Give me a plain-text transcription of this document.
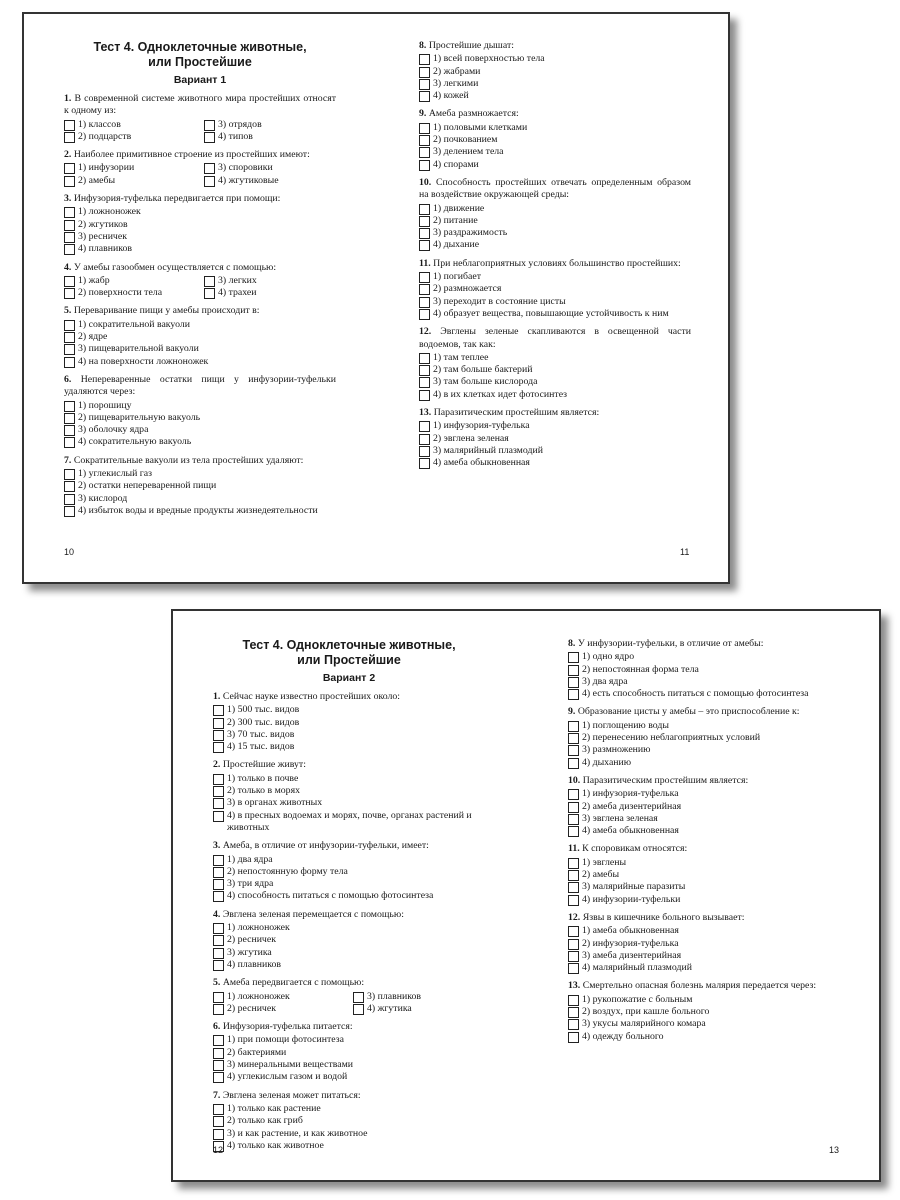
Тест 4. Одноклеточные животные,
или Простейшие
Вариант 1

1. В современной системе животного мира простейших относят к одному из:

1) классов	3) отрядов
2) подцарств	4) типов

2. Наиболее примитивное строение из простейших имеют:

1) инфузории	3) споровики
2) амебы	4) жгутиковые

3. Инфузория-туфелька передвигается при помощи:

1) ложноножек
2) жгутиков
3) ресничек
4) плавников

4. У амебы газообмен осуществляется с помощью:

1) жабр	3) легких
2) поверхности тела	4) трахеи

5. Переваривание пищи у амебы происходит в:

1) сократительной вакуоли
2) ядре
3) пищеварительной вакуоли
4) на поверхности ложноножек

6. Непереваренные остатки пищи у инфузории-туфельки удаляются через:

1) порошицу
2) пищеварительную вакуоль
3) оболочку ядра
4) сократительную вакуоль

7. Сократительные вакуоли из тела простейших удаляют:

1) углекислый газ
2) остатки непереваренной пищи
3) кислород
4) избыток воды и вредные продукты жизнедеятельности
10

8. Простейшие дышат:

1) всей поверхностью тела
2) жабрами
3) легкими
4) кожей

9. Амеба размножается:

1) половыми клетками
2) почкованием
3) делением тела
4) спорами

10. Способность простейших отвечать определенным образом на воздействие окружающей среды:

1) движение
2) питание
3) раздражимость
4) дыхание

11. При неблагоприятных условиях большинство простейших:

1) погибает
2) размножается
3) переходит в состояние цисты
4) образует вещества, повышающие устойчивость к ним

12. Эвглены зеленые скапливаются в освещенной части водоемов, так как:

1) там теплее
2) там больше бактерий
3) там больше кислорода
4) в их клетках идет фотосинтез

13. Паразитическим простейшим является:

1) инфузория-туфелька
2) эвглена зеленая
3) малярийный плазмодий
4) амеба обыкновенная
11
Тест 4. Одноклеточные животные,
или Простейшие
Вариант 2

1. Сейчас науке известно простейших около:

1) 500 тыс. видов
2) 300 тыс. видов
3) 70 тыс. видов
4) 15 тыс. видов

2. Простейшие живут:

1) только в почве
2) только в морях
3) в органах животных
4) в пресных водоемах и морях, почве, органах растений и животных

3. Амеба, в отличие от инфузории-туфельки, имеет:

1) два ядра
2) непостоянную форму тела
3) три ядра
4) способность питаться с помощью фотосинтеза

4. Эвглена зеленая перемещается с помощью:

1) ложноножек
2) ресничек
3) жгутика
4) плавников

5. Амеба передвигается с помощью:

1) ложноножек	3) плавников
2) ресничек	4) жгутика

6. Инфузория-туфелька питается:

1) при помощи фотосинтеза
2) бактериями
3) минеральными веществами
4) углекислым газом и водой

7. Эвглена зеленая может питаться:

1) только как растение
2) только как гриб
3) и как растение, и как животное
4) только как животное
12

8. У инфузории-туфельки, в отличие от амебы:

1) одно ядро
2) непостоянная форма тела
3) два ядра
4) есть способность питаться с помощью фотосинтеза

9. Образование цисты у амебы – это приспособление к:

1) поглощению воды
2) перенесению неблагоприятных условий
3) размножению
4) дыханию

10. Паразитическим простейшим является:

1) инфузория-туфелька
2) амеба дизентерийная
3) эвглена зеленая
4) амеба обыкновенная

11. К споровикам относятся:

1) эвглены
2) амебы
3) малярийные паразиты
4) инфузории-туфельки

12. Язвы в кишечнике больного вызывает:

1) амеба обыкновенная
2) инфузория-туфелька
3) амеба дизентерийная
4) малярийный плазмодий

13. Смертельно опасная болезнь малярия передается через:

1) рукопожатие с больным
2) воздух, при кашле больного
3) укусы малярийного комара
4) одежду больного
13
